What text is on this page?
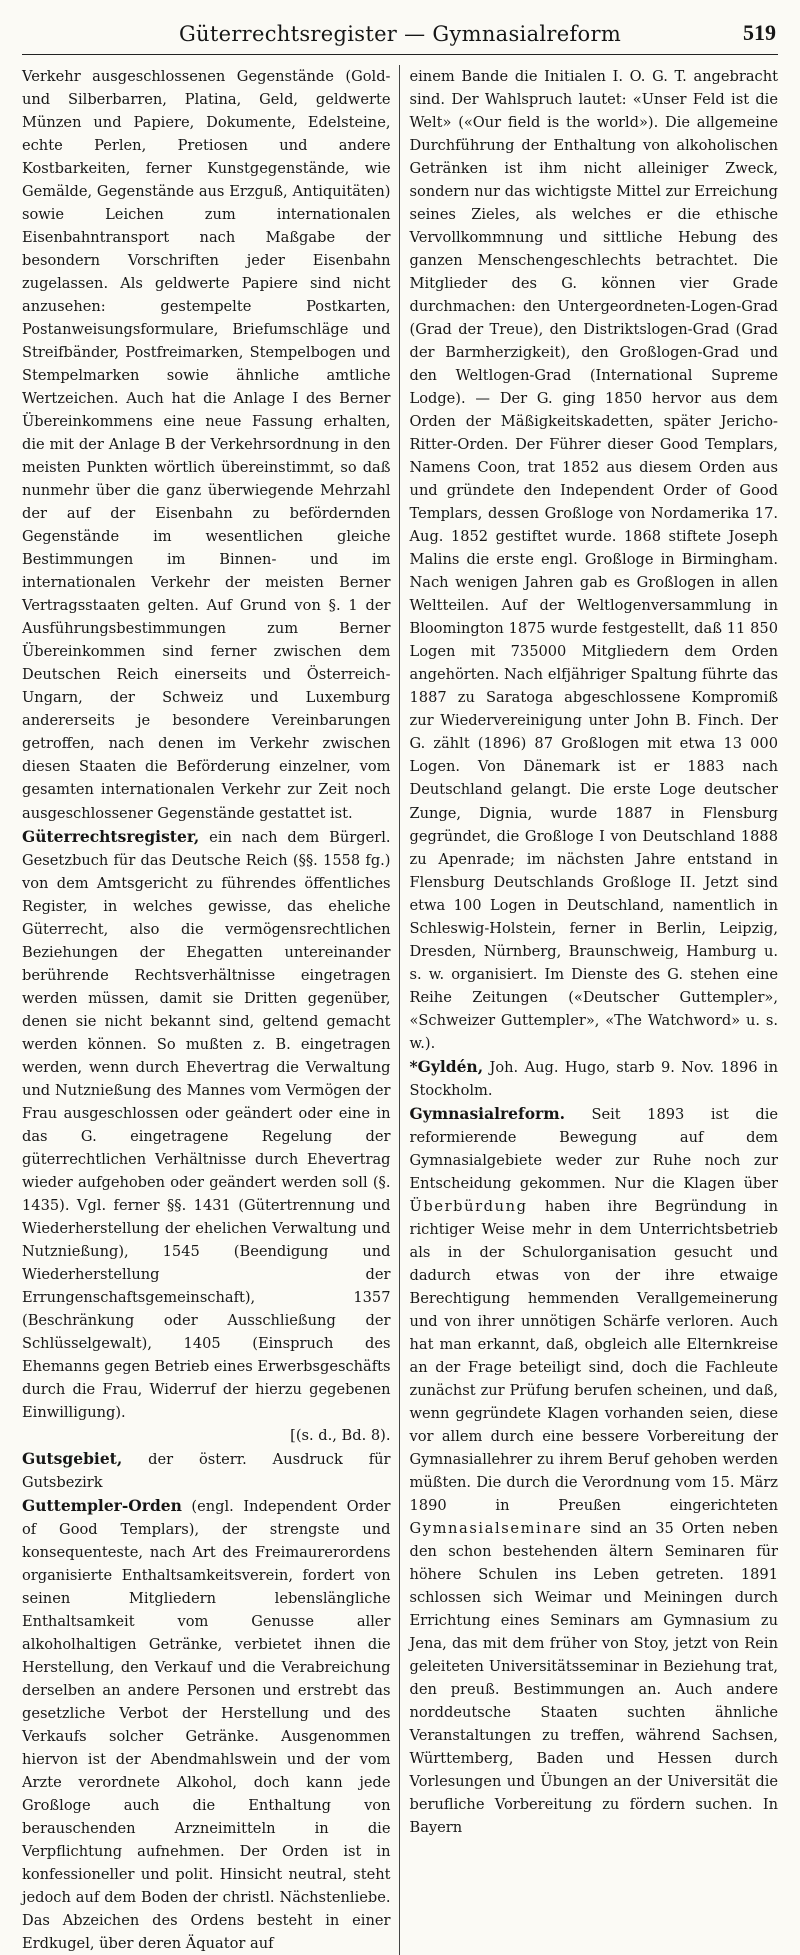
Güterrechtsregister — Gymnasialreform	519

Verkehr ausgeschlossenen Gegenstände (Gold- und Silberbarren, Platina, Geld, geldwerte Münzen und Papiere, Dokumente, Edelsteine, echte Perlen, Pretiosen und andere Kostbarkeiten, ferner Kunstgegenstände, wie Gemälde, Gegenstände aus Erzguß, Antiquitäten) sowie Leichen zum internationalen Eisenbahntransport nach Maßgabe der besondern Vorschriften jeder Eisenbahn zugelassen. Als geldwerte Papiere sind nicht anzusehen: gestempelte Postkarten, Postanweisungsformulare, Briefumschläge und Streifbänder, Postfreimarken, Stempelbogen und Stempelmarken sowie ähnliche amtliche Wertzeichen. Auch hat die Anlage I des Berner Übereinkommens eine neue Fassung erhalten, die mit der Anlage B der Verkehrsordnung in den meisten Punkten wörtlich übereinstimmt, so daß nunmehr über die ganz überwiegende Mehrzahl der auf der Eisenbahn zu befördernden Gegenstände im wesentlichen gleiche Bestimmungen im Binnen- und im internationalen Verkehr der meisten Berner Vertragsstaaten gelten. Auf Grund von §. 1 der Ausführungsbestimmungen zum Berner Übereinkommen sind ferner zwischen dem Deutschen Reich einerseits und Österreich-Ungarn, der Schweiz und Luxemburg andererseits je besondere Vereinbarungen getroffen, nach denen im Verkehr zwischen diesen Staaten die Beförderung einzelner, vom gesamten internationalen Verkehr zur Zeit noch ausgeschlossener Gegenstände gestattet ist.

Güterrechtsregister, ein nach dem Bürgerl. Gesetzbuch für das Deutsche Reich (§§. 1558 fg.) von dem Amtsgericht zu führendes öffentliches Register, in welches gewisse, das eheliche Güterrecht, also die vermögensrechtlichen Beziehungen der Ehegatten untereinander berührende Rechtsverhältnisse eingetragen werden müssen, damit sie Dritten gegenüber, denen sie nicht bekannt sind, geltend gemacht werden können. So mußten z. B. eingetragen werden, wenn durch Ehevertrag die Verwaltung und Nutznießung des Mannes vom Vermögen der Frau ausgeschlossen oder geändert oder eine in das G. eingetragene Regelung der güterrechtlichen Verhältnisse durch Ehevertrag wieder aufgehoben oder geändert werden soll (§. 1435). Vgl. ferner §§. 1431 (Gütertrennung und Wiederherstellung der ehelichen Verwaltung und Nutznießung), 1545 (Beendigung und Wiederherstellung der Errungenschaftsgemeinschaft), 1357 (Beschränkung oder Ausschließung der Schlüsselgewalt), 1405 (Einspruch des Ehemanns gegen Betrieb eines Erwerbsgeschäfts durch die Frau, Widerruf der hierzu gegebenen Einwilligung).
[(s. d., Bd. 8).

Gutsgebiet, der österr. Ausdruck für Gutsbezirk

Guttempler-Orden (engl. Independent Order of Good Templars), der strengste und konsequenteste, nach Art des Freimaurerordens organisierte Enthaltsamkeitsverein, fordert von seinen Mitgliedern lebenslängliche Enthaltsamkeit vom Genusse aller alkoholhaltigen Getränke, verbietet ihnen die Herstellung, den Verkauf und die Verabreichung derselben an andere Personen und erstrebt das gesetzliche Verbot der Herstellung und des Verkaufs solcher Getränke. Ausgenommen hiervon ist der Abendmahlswein und der vom Arzte verordnete Alkohol, doch kann jede Großloge auch die Enthaltung von berauschenden Arzneimitteln in die Verpflichtung aufnehmen. Der Orden ist in konfessioneller und polit. Hinsicht neutral, steht jedoch auf dem Boden der christl. Nächstenliebe. Das Abzeichen des Ordens besteht in einer Erdkugel, über deren Äquator auf

einem Bande die Initialen I. O. G. T. angebracht sind. Der Wahlspruch lautet: «Unser Feld ist die Welt» («Our field is the world»). Die allgemeine Durchführung der Enthaltung von alkoholischen Getränken ist ihm nicht alleiniger Zweck, sondern nur das wichtigste Mittel zur Erreichung seines Zieles, als welches er die ethische Vervollkommnung und sittliche Hebung des ganzen Menschengeschlechts betrachtet. Die Mitglieder des G. können vier Grade durchmachen: den Untergeordneten-Logen-Grad (Grad der Treue), den Distriktslogen-Grad (Grad der Barmherzigkeit), den Großlogen-Grad und den Weltlogen-Grad (International Supreme Lodge). — Der G. ging 1850 hervor aus dem Orden der Mäßigkeitskadetten, später Jericho-Ritter-Orden. Der Führer dieser Good Templars, Namens Coon, trat 1852 aus diesem Orden aus und gründete den Independent Order of Good Templars, dessen Großloge von Nordamerika 17. Aug. 1852 gestiftet wurde. 1868 stiftete Joseph Malins die erste engl. Großloge in Birmingham. Nach wenigen Jahren gab es Großlogen in allen Weltteilen. Auf der Weltlogenversammlung in Bloomington 1875 wurde festgestellt, daß 11 850 Logen mit 735000 Mitgliedern dem Orden angehörten. Nach elfjähriger Spaltung führte das 1887 zu Saratoga abgeschlossene Kompromiß zur Wiedervereinigung unter John B. Finch. Der G. zählt (1896) 87 Großlogen mit etwa 13 000 Logen. Von Dänemark ist er 1883 nach Deutschland gelangt. Die erste Loge deutscher Zunge, Dignia, wurde 1887 in Flensburg gegründet, die Großloge I von Deutschland 1888 zu Apenrade; im nächsten Jahre entstand in Flensburg Deutschlands Großloge II. Jetzt sind etwa 100 Logen in Deutschland, namentlich in Schleswig-Holstein, ferner in Berlin, Leipzig, Dresden, Nürnberg, Braunschweig, Hamburg u. s. w. organisiert. Im Dienste des G. stehen eine Reihe Zeitungen («Deutscher Guttempler», «Schweizer Guttempler», «The Watchword» u. s. w.).

*Gyldén, Joh. Aug. Hugo, starb 9. Nov. 1896 in Stockholm.

Gymnasialreform. Seit 1893 ist die reformierende Bewegung auf dem Gymnasialgebiete weder zur Ruhe noch zur Entscheidung gekommen. Nur die Klagen über Überbürdung haben ihre Begründung in richtiger Weise mehr in dem Unterrichtsbetrieb als in der Schulorganisation gesucht und dadurch etwas von der ihre etwaige Berechtigung hemmenden Verallgemeinerung und von ihrer unnötigen Schärfe verloren. Auch hat man erkannt, daß, obgleich alle Elternkreise an der Frage beteiligt sind, doch die Fachleute zunächst zur Prüfung berufen scheinen, und daß, wenn gegründete Klagen vorhanden seien, diese vor allem durch eine bessere Vorbereitung der Gymnasiallehrer zu ihrem Beruf gehoben werden müßten. Die durch die Verordnung vom 15. März 1890 in Preußen eingerichteten Gymnasialseminare sind an 35 Orten neben den schon bestehenden ältern Seminaren für höhere Schulen ins Leben getreten. 1891 schlossen sich Weimar und Meiningen durch Errichtung eines Seminars am Gymnasium zu Jena, das mit dem früher von Stoy, jetzt von Rein geleiteten Universitätsseminar in Beziehung trat, den preuß. Bestimmungen an. Auch andere norddeutsche Staaten suchten ähnliche Veranstaltungen zu treffen, während Sachsen, Württemberg, Baden und Hessen durch Vorlesungen und Übungen an der Universität die berufliche Vorbereitung zu fördern suchen. In Bayern
